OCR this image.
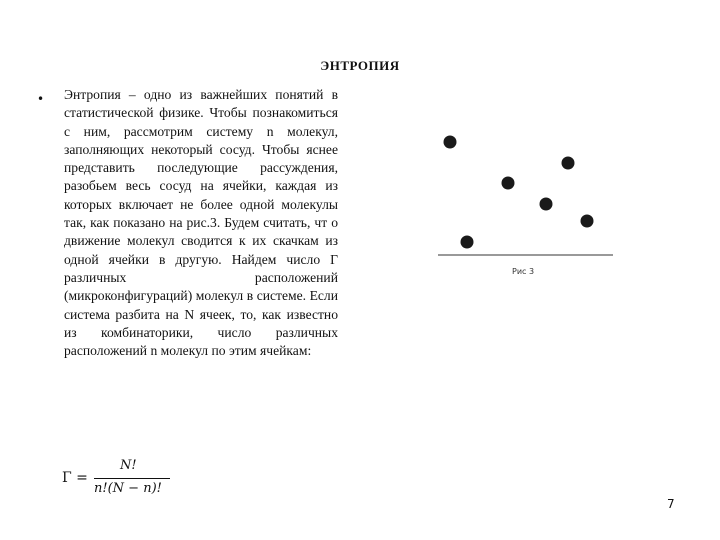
ЭНТРОПИЯ
• Энтропия – одно из важнейших понятий в статистической физике. Чтобы познакомиться с ним, рассмотрим систему n молекул, заполняющих некоторый сосуд. Чтобы яснее представить последующие рассуждения, разобьем весь сосуд на ячейки, каждая из которых включает не более одной молекулы так, как показано на рис.3. Будем считать, чт о движение молекул сводится к их скачкам из одной ячейки в другую. Найдем число Г различных расположений (микроконфигураций) молекул в системе. Если система разбита на N ячеек, то, как известно из комбинаторики, число различных расположений n молекул по этим ячейкам:
Γ =
N!
n!(N − n)!
Рис 3
7
